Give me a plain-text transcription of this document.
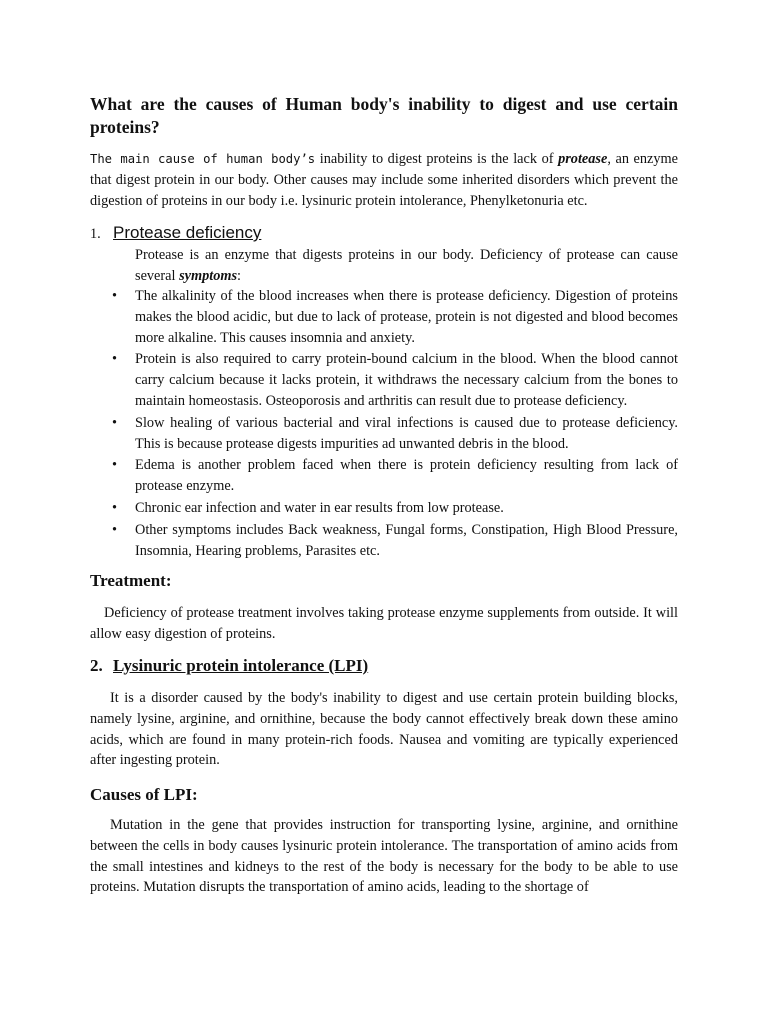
What are the causes of Human body's inability to digest and use certain proteins?

The main cause of human body’s inability to digest proteins is the lack of protease, an enzyme that digest protein in our body. Other causes may include some inherited disorders which prevent the digestion of proteins in our body i.e. lysinuric protein intolerance, Phenylketonuria etc.

1. Protease deficiency

Protease is an enzyme that digests proteins in our body. Deficiency of protease can cause several symptoms:

• The alkalinity of the blood increases when there is protease deficiency. Digestion of proteins makes the blood acidic, but due to lack of protease, protein is not digested and blood becomes more alkaline. This causes insomnia and anxiety.
• Protein is also required to carry protein-bound calcium in the blood. When the blood cannot carry calcium because it lacks protein, it withdraws the necessary calcium from the bones to maintain homeostasis. Osteoporosis and arthritis can result due to protease deficiency.
• Slow healing of various bacterial and viral infections is caused due to protease deficiency. This is because protease digests impurities ad unwanted debris in the blood.
• Edema is another problem faced when there is protein deficiency resulting from lack of protease enzyme.
• Chronic ear infection and water in ear results from low protease.
• Other symptoms includes Back weakness, Fungal forms, Constipation, High Blood Pressure, Insomnia, Hearing problems, Parasites etc.
Treatment:

Deficiency of protease treatment involves taking protease enzyme supplements from outside. It will allow easy digestion of proteins.

2. Lysinuric protein intolerance (LPI)

It is a disorder caused by the body's inability to digest and use certain protein building blocks, namely lysine, arginine, and ornithine, because the body cannot effectively break down these amino acids, which are found in many protein-rich foods. Nausea and vomiting are typically experienced after ingesting protein.

Causes of LPI:

Mutation in the gene that provides instruction for transporting lysine, arginine, and ornithine between the cells in body causes lysinuric protein intolerance. The transportation of amino acids from the small intestines and kidneys to the rest of the body is necessary for the body to be able to use proteins. Mutation disrupts the transportation of amino acids, leading to the shortage of
